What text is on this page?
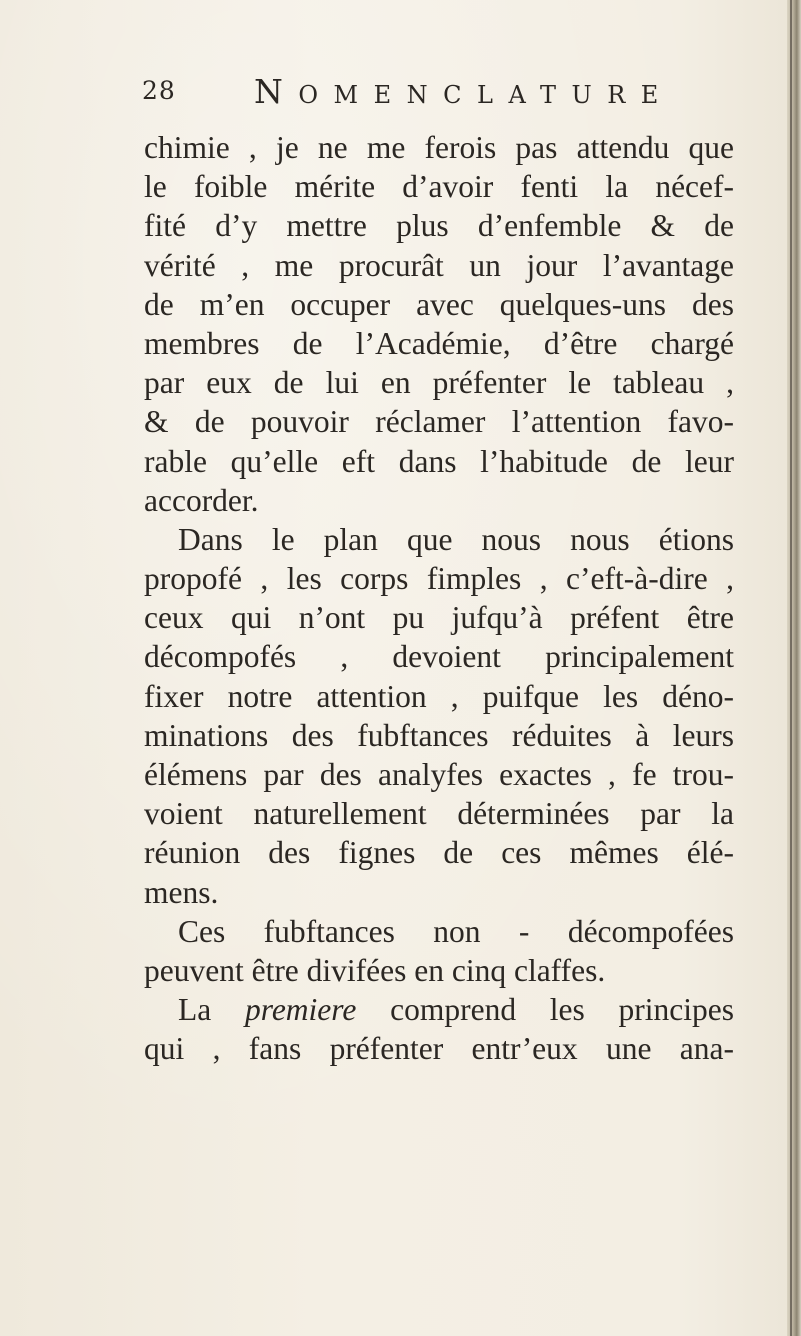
28 NOMENCLATURE
chimie , je ne me ferois pas attendu que
le foible mérite d’avoir fenti la nécef-
fité d’y mettre plus d’enfemble & de
vérité , me procurât un jour l’avantage
de m’en occuper avec quelques-uns des
membres de l’Académie, d’être chargé
par eux de lui en préfenter le tableau ,
& de pouvoir réclamer l’attention favo-
rable qu’elle eft dans l’habitude de leur
accorder.
Dans le plan que nous nous étions
propofé , les corps fimples , c’eft-à-dire ,
ceux qui n’ont pu jufqu’à préfent être
décompofés , devoient principalement
fixer notre attention , puifque les déno-
minations des fubftances réduites à leurs
élémens par des analyfes exactes , fe trou-
voient naturellement déterminées par la
réunion des fignes de ces mêmes élé-
mens.
Ces fubftances non - décompofées
peuvent être divifées en cinq claffes.
La premiere comprend les principes
qui , fans préfenter entr’eux une ana-
